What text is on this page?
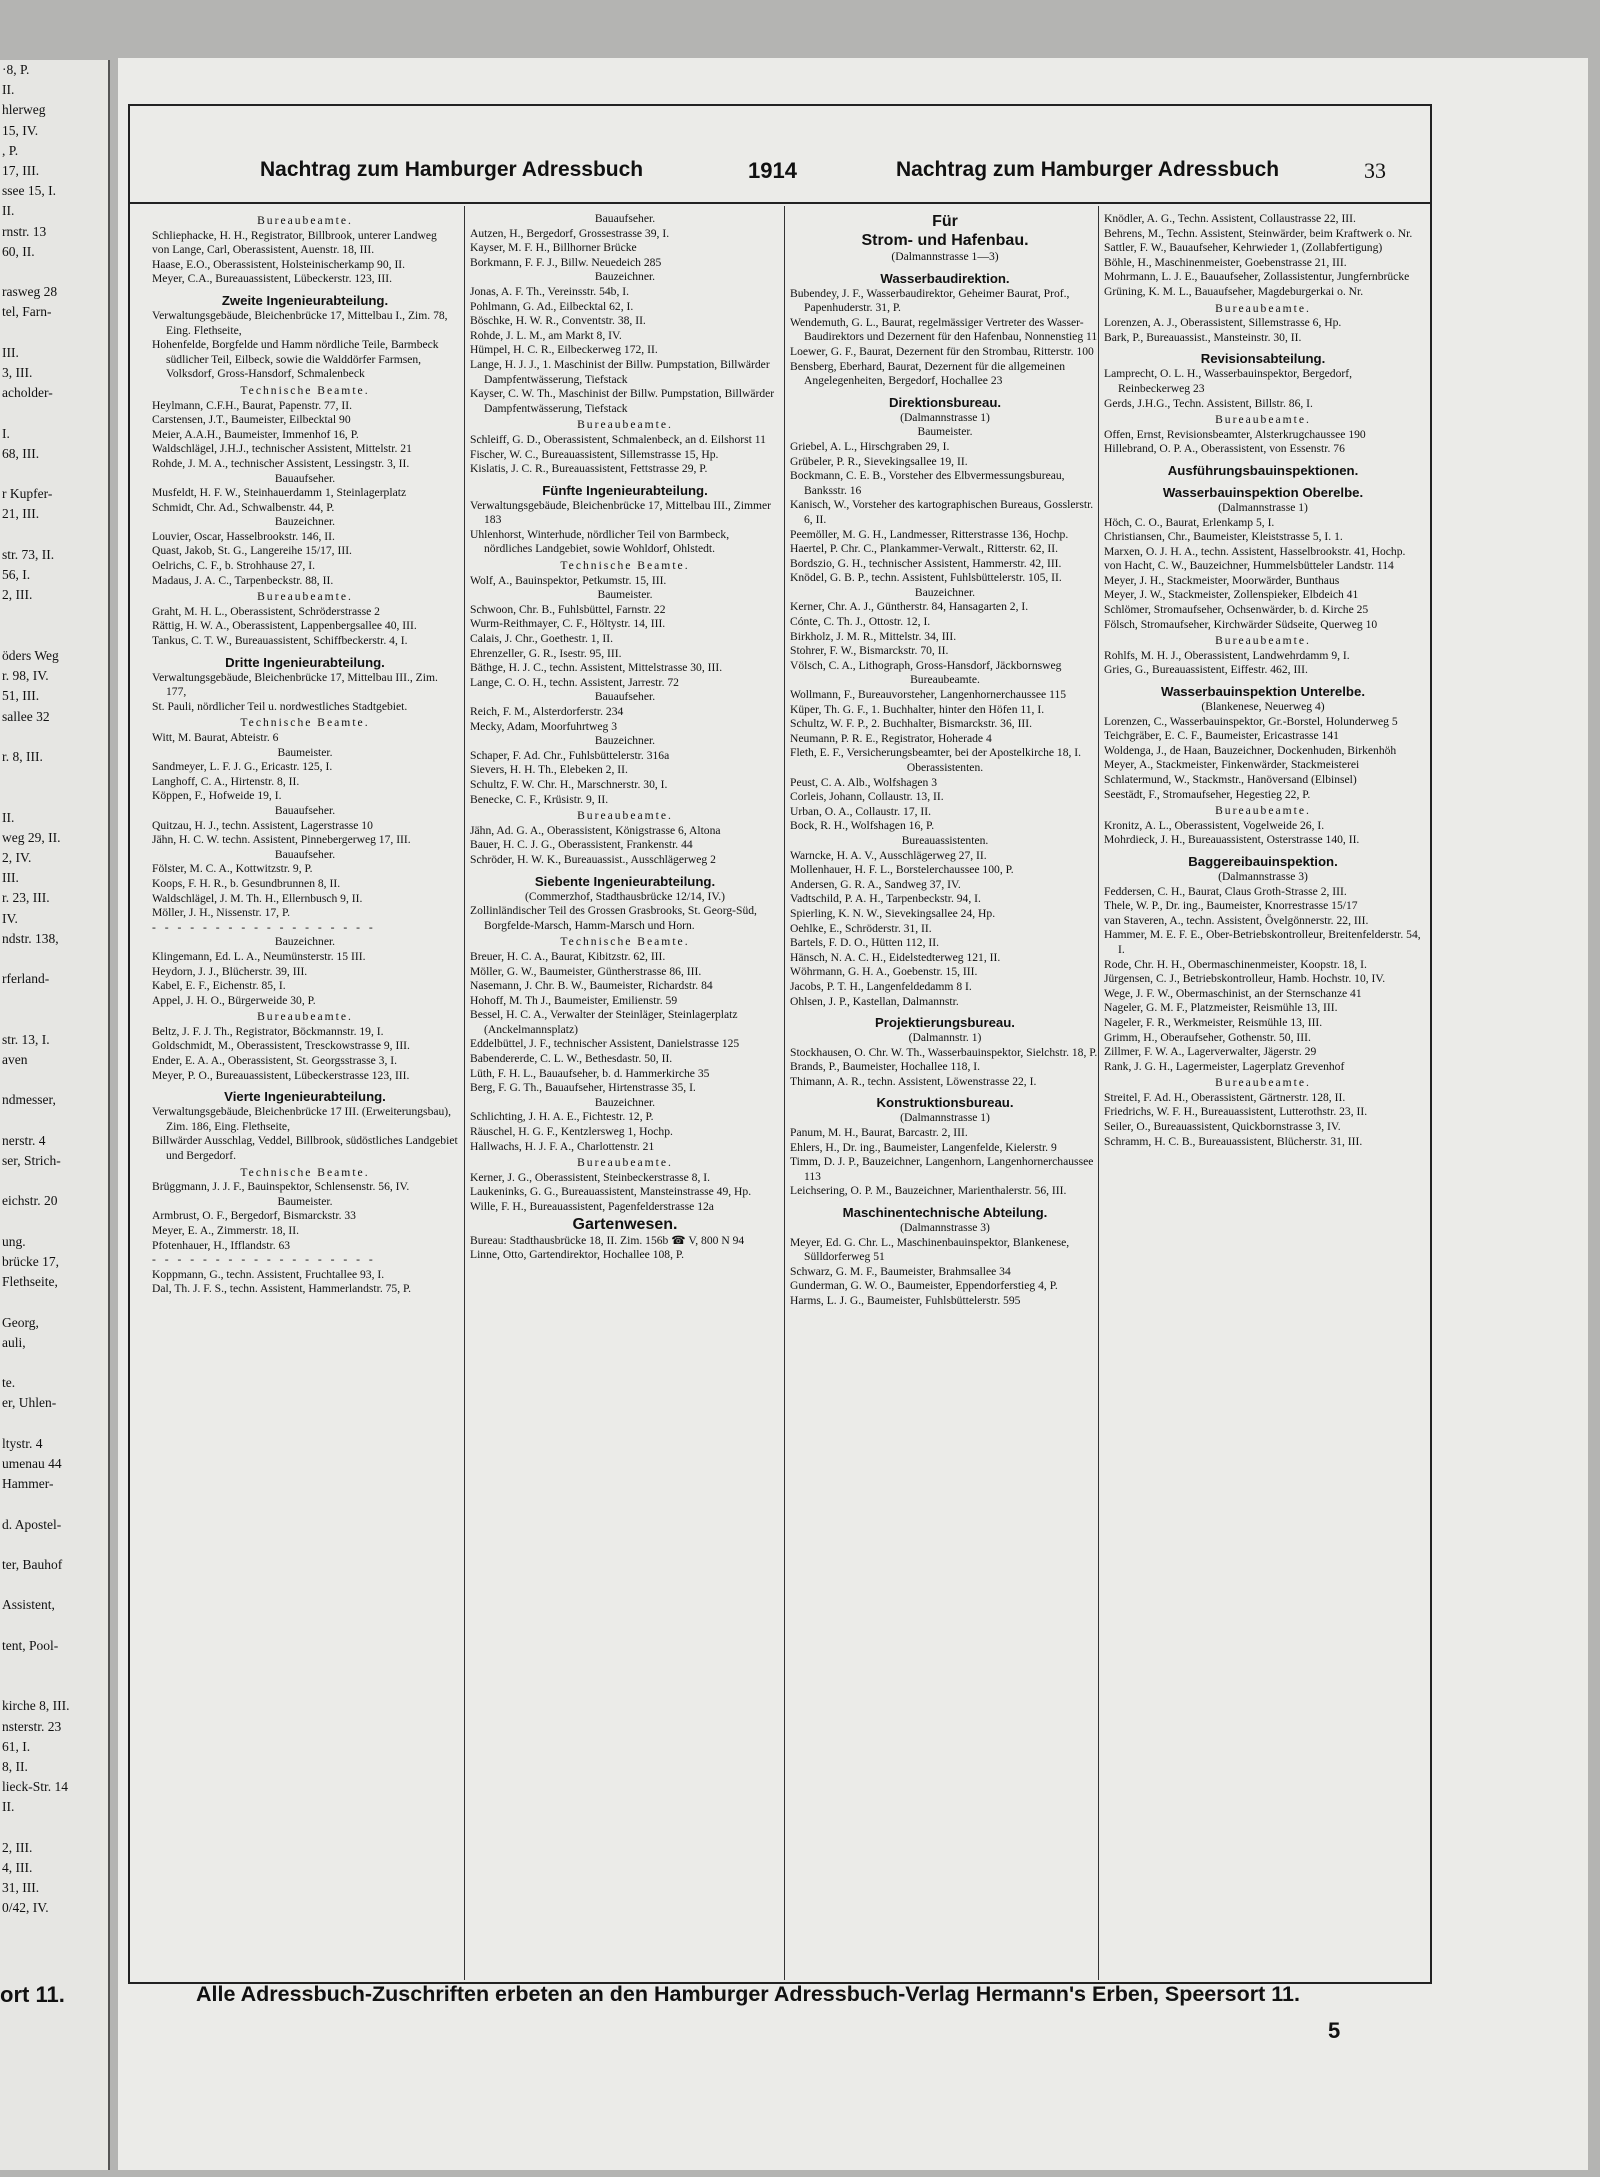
·8, P.
II.
hlerweg
15, IV.
, P.
17, III.
ssee 15, I.
II.
rnstr. 13
60, II.

rasweg 28
tel, Farn-

III.
3, III.
acholder-

I.
68, III.

r Kupfer-
21, III.

str. 73, II.
56, I.
2, III.

öders Weg
r. 98, IV.
51, III.
sallee 32

r. 8, III.

II.
weg 29, II.
2, IV.
III.
r. 23, III.
IV.
ndstr. 138,

rferland-

str. 13, I.
aven

ndmesser,

nerstr. 4
ser, Strich-

eichstr. 20

ung.
brücke 17,
Flethseite,

Georg,
auli,

te.
er, Uhlen-

ltystr. 4
umenau 44
Hammer-

d. Apostel-

ter, Bauhof

Assistent,

tent, Pool-

kirche 8, III.
nsterstr. 23
61, I.
8, II.
lieck-Str. 14
II.

2, III.
4, III.
31, III.
0/42, IV.
ort 11.
Nachtrag zum Hamburger Adressbuch	1914	Nachtrag zum Hamburger Adressbuch	33
Bureaubeamte.
Schliephacke, H. H., Registrator, Billbrook, unterer Landweg
von Lange, Carl, Oberassistent, Auenstr. 18, III.
Haase, E.O., Oberassistent, Holsteinischerkamp 90, II.
Meyer, C.A., Bureauassistent, Lübeckerstr. 123, III.
Zweite Ingenieurabteilung.
Verwaltungsgebäude, Bleichenbrücke 17, Mittelbau I., Zim. 78, Eing. Flethseite,
Hohenfelde, Borgfelde und Hamm nördliche Teile, Barmbeck südlicher Teil, Eilbeck, sowie die Walddörfer Farmsen, Volksdorf, Gross-Hansdorf, Schmalenbeck
Technische Beamte.
Heylmann, C.F.H., Baurat, Papenstr. 77, II.
Carstensen, J.T., Baumeister, Eilbecktal 90
Meier, A.A.H., Baumeister, Immenhof 16, P.
Waldschlägel, J.H.J., technischer Assistent, Mittelstr. 21
Rohde, J. M. A., technischer Assistent, Lessingstr. 3, II.
Bauaufseher.
Musfeldt, H. F. W., Steinhauerdamm 1, Steinlagerplatz
Schmidt, Chr. Ad., Schwalbenstr. 44, P.
Bauzeichner.
Louvier, Oscar, Hasselbrookstr. 146, II.
Quast, Jakob, St. G., Langereihe 15/17, III.
Oelrichs, C. F., b. Strohhause 27, I.
Madaus, J. A. C., Tarpenbeckstr. 88, II.
Bureaubeamte.
Graht, M. H. L., Oberassistent, Schröderstrasse 2
Rättig, H. W. A., Oberassistent, Lappenbergsallee 40, III.
Tankus, C. T. W., Bureauassistent, Schiffbeckerstr. 4, I.
Dritte Ingenieurabteilung.
Verwaltungsgebäude, Bleichenbrücke 17, Mittelbau III., Zim. 177,
St. Pauli, nördlicher Teil u. nordwestliches Stadtgebiet.
Technische Beamte.
Witt, M. Baurat, Abteistr. 6
Baumeister.
Sandmeyer, L. F. J. G., Ericastr. 125, I.
Langhoff, C. A., Hirtenstr. 8, II.
Köppen, F., Hofweide 19, I.
Bauaufseher.
Quitzau, H. J., techn. Assistent, Lagerstrasse 10
Jähn, H. C. W. techn. Assistent, Pinnebergerweg 17, III.
Bauaufseher.
Fölster, M. C. A., Kottwitzstr. 9, P.
Koops, F. H. R., b. Gesundbrunnen 8, II.
Waldschlägel, J. M. Th. H., Ellernbusch 9, II.
Möller, J. H., Nissenstr. 17, P.
- - - - - - - - - - - - - - - - - -
Bauzeichner.
Klingemann, Ed. L. A., Neumünsterstr. 15 III.
Heydorn, J. J., Blücherstr. 39, III.
Kabel, E. F., Eichenstr. 85, I.
Appel, J. H. O., Bürgerweide 30, P.
Bureaubeamte.
Beltz, J. F. J. Th., Registrator, Böckmannstr. 19, I.
Goldschmidt, M., Oberassistent, Tresckowstrasse 9, III.
Ender, E. A. A., Oberassistent, St. Georgsstrasse 3, I.
Meyer, P. O., Bureauassistent, Lübeckerstrasse 123, III.
Vierte Ingenieurabteilung.
Verwaltungsgebäude, Bleichenbrücke 17 III. (Erweiterungsbau), Zim. 186, Eing. Flethseite,
Billwärder Ausschlag, Veddel, Billbrook, südöstliches Landgebiet und Bergedorf.
Technische Beamte.
Brüggmann, J. J. F., Bauinspektor, Schlensenstr. 56, IV.
Baumeister.
Armbrust, O. F., Bergedorf, Bismarckstr. 33
Meyer, E. A., Zimmerstr. 18, II.
Pfotenhauer, H., Ifflandstr. 63
- - - - - - - - - - - - - - - - - -
Koppmann, G., techn. Assistent, Fruchtallee 93, I.
Dal, Th. J. F. S., techn. Assistent, Hammerlandstr. 75, P.
Bauaufseher.
Autzen, H., Bergedorf, Grossestrasse 39, I.
Kayser, M. F. H., Billhorner Brücke
Borkmann, F. F. J., Billw. Neuedeich 285
Bauzeichner.
Jonas, A. F. Th., Vereinsstr. 54b, I.
Pohlmann, G. Ad., Eilbecktal 62, I.
Böschke, H. W. R., Conventstr. 38, II.
Rohde, J. L. M., am Markt 8, IV.
Hümpel, H. C. R., Eilbeckerweg 172, II.
Lange, H. J. J., 1. Maschinist der Billw. Pumpstation, Billwärder Dampfentwässerung, Tiefstack
Kayser, C. W. Th., Maschinist der Billw. Pumpstation, Billwärder Dampfentwässerung, Tiefstack
Bureaubeamte.
Schleiff, G. D., Oberassistent, Schmalenbeck, an d. Eilshorst 11
Fischer, W. C., Bureauassistent, Sillemstrasse 15, Hp.
Kislatis, J. C. R., Bureauassistent, Fettstrasse 29, P.
Fünfte Ingenieurabteilung.
Verwaltungsgebäude, Bleichenbrücke 17, Mittelbau III., Zimmer 183
Uhlenhorst, Winterhude, nördlicher Teil von Barmbeck, nördliches Landgebiet, sowie Wohldorf, Ohlstedt.
Technische Beamte.
Wolf, A., Bauinspektor, Petkumstr. 15, III.
Baumeister.
Schwoon, Chr. B., Fuhlsbüttel, Farnstr. 22
Wurm-Reithmayer, C. F., Höltystr. 14, III.
Calais, J. Chr., Goethestr. 1, II.
Ehrenzeller, G. R., Isestr. 95, III.
Bäthge, H. J. C., techn. Assistent, Mittelstrasse 30, III.
Lange, C. O. H., techn. Assistent, Jarrestr. 72
Bauaufseher.
Reich, F. M., Alsterdorferstr. 234
Mecky, Adam, Moorfuhrtweg 3
Bauzeichner.
Schaper, F. Ad. Chr., Fuhlsbüttelerstr. 316a
Sievers, H. H. Th., Elebeken 2, II.
Schultz, F. W. Chr. H., Marschnerstr. 30, I.
Benecke, C. F., Krüsistr. 9, II.
Bureaubeamte.
Jähn, Ad. G. A., Oberassistent, Königstrasse 6, Altona
Bauer, H. C. J. G., Oberassistent, Frankenstr. 44
Schröder, H. W. K., Bureauassist., Ausschlägerweg 2
Siebente Ingenieurabteilung.
(Commerzhof, Stadthausbrücke 12/14, IV.)
Zollinländischer Teil des Grossen Grasbrooks, St. Georg-Süd, Borgfelde-Marsch, Hamm-Marsch und Horn.
Technische Beamte.
Breuer, H. C. A., Baurat, Kibitzstr. 62, III.
Möller, G. W., Baumeister, Güntherstrasse 86, III.
Nasemann, J. Chr. B. W., Baumeister, Richardstr. 84
Hohoff, M. Th J., Baumeister, Emilienstr. 59
Bessel, H. C. A., Verwalter der Steinläger, Steinlagerplatz (Anckelmannsplatz)
Eddelbüttel, J. F., technischer Assistent, Danielstrasse 125
Babendererde, C. L. W., Bethesdastr. 50, II.
Lüth, F. H. L., Bauaufseher, b. d. Hammerkirche 35
Berg, F. G. Th., Bauaufseher, Hirtenstrasse 35, I.
Bauzeichner.
Schlichting, J. H. A. E., Fichtestr. 12, P.
Räuschel, H. G. F., Kentzlersweg 1, Hochp.
Hallwachs, H. J. F. A., Charlottenstr. 21
Bureaubeamte.
Kerner, J. G., Oberassistent, Steinbeckerstrasse 8, I.
Laukeninks, G. G., Bureauassistent, Mansteinstrasse 49, Hp.
Wille, F. H., Bureauassistent, Pagenfelderstrasse 12a
Gartenwesen.
Bureau: Stadthausbrücke 18, II. Zim. 156b ☎ V, 800 N 94
Linne, Otto, Gartendirektor, Hochallee 108, P.
Für
Strom- und Hafenbau.
(Dalmannstrasse 1—3)
Wasserbaudirektion.
Bubendey, J. F., Wasserbaudirektor, Geheimer Baurat, Prof., Papenhuderstr. 31, P.
Wendemuth, G. L., Baurat, regelmässiger Vertreter des Wasser-Baudirektors und Dezernent für den Hafenbau, Nonnenstieg 11
Loewer, G. F., Baurat, Dezernent für den Strombau, Ritterstr. 100
Bensberg, Eberhard, Baurat, Dezernent für die allgemeinen Angelegenheiten, Bergedorf, Hochallee 23
Direktionsbureau.
(Dalmannstrasse 1)
Baumeister.
Griebel, A. L., Hirschgraben 29, I.
Grübeler, P. R., Sievekingsallee 19, II.
Bockmann, C. E. B., Vorsteher des Elbvermessungsbureau, Banksstr. 16
Kanisch, W., Vorsteher des kartographischen Bureaus, Gosslerstr. 6, II.
Peemöller, M. G. H., Landmesser, Ritterstrasse 136, Hochp.
Haertel, P. Chr. C., Plankammer-Verwalt., Ritterstr. 62, II.
Bordszio, G. H., technischer Assistent, Hammerstr. 42, III.
Knödel, G. B. P., techn. Assistent, Fuhlsbüttelerstr. 105, II.
Bauzeichner.
Kerner, Chr. A. J., Güntherstr. 84, Hansagarten 2, I.
Cónte, C. Th. J., Ottostr. 12, I.
Birkholz, J. M. R., Mittelstr. 34, III.
Stohrer, F. W., Bismarckstr. 70, II.
Völsch, C. A., Lithograph, Gross-Hansdorf, Jäckbornsweg
Bureaubeamte.
Wollmann, F., Bureauvorsteher, Langenhornerchaussee 115
Küper, Th. G. F., 1. Buchhalter, hinter den Höfen 11, I.
Schultz, W. F. P., 2. Buchhalter, Bismarckstr. 36, III.
Neumann, P. R. E., Registrator, Hoherade 4
Fleth, E. F., Versicherungsbeamter, bei der Apostelkirche 18, I.
Oberassistenten.
Peust, C. A. Alb., Wolfshagen 3
Corleis, Johann, Collaustr. 13, II.
Urban, O. A., Collaustr. 17, II.
Bock, R. H., Wolfshagen 16, P.
Bureauassistenten.
Warncke, H. A. V., Ausschlägerweg 27, II.
Mollenhauer, H. F. L., Borstelerchaussee 100, P.
Andersen, G. R. A., Sandweg 37, IV.
Vadtschild, P. A. H., Tarpenbeckstr. 94, I.
Spierling, K. N. W., Sievekingsallee 24, Hp.
Oehlke, E., Schröderstr. 31, II.
Bartels, F. D. O., Hütten 112, II.
Hänsch, N. A. C. H., Eidelstedterweg 121, II.
Wöhrmann, G. H. A., Goebenstr. 15, III.
Jacobs, P. T. H., Langenfeldedamm 8 I.
Ohlsen, J. P., Kastellan, Dalmannstr.
Projektierungsbureau.
(Dalmannstr. 1)
Stockhausen, O. Chr. W. Th., Wasserbauinspektor, Sielchstr. 18, P.
Brands, P., Baumeister, Hochallee 118, I.
Thimann, A. R., techn. Assistent, Löwenstrasse 22, I.
Konstruktionsbureau.
(Dalmannstrasse 1)
Panum, M. H., Baurat, Barcastr. 2, III.
Ehlers, H., Dr. ing., Baumeister, Langenfelde, Kielerstr. 9
Timm, D. J. P., Bauzeichner, Langenhorn, Langenhornerchaussee 113
Leichsering, O. P. M., Bauzeichner, Marienthalerstr. 56, III.
Maschinentechnische Abteilung.
(Dalmannstrasse 3)
Meyer, Ed. G. Chr. L., Maschinenbauinspektor, Blankenese, Sülldorferweg 51
Schwarz, G. M. F., Baumeister, Brahmsallee 34
Gunderman, G. W. O., Baumeister, Eppendorferstieg 4, P.
Harms, L. J. G., Baumeister, Fuhlsbüttelerstr. 595
Knödler, A. G., Techn. Assistent, Collaustrasse 22, III.
Behrens, M., Techn. Assistent, Steinwärder, beim Kraftwerk o. Nr.
Sattler, F. W., Bauaufseher, Kehrwieder 1, (Zollabfertigung)
Böhle, H., Maschinenmeister, Goebenstrasse 21, III.
Mohrmann, L. J. E., Bauaufseher, Zollassistentur, Jungfernbrücke
Grüning, K. M. L., Bauaufseher, Magdeburgerkai o. Nr.
Bureaubeamte.
Lorenzen, A. J., Oberassistent, Sillemstrasse 6, Hp.
Bark, P., Bureauassist., Mansteinstr. 30, II.
Revisionsabteilung.
Lamprecht, O. L. H., Wasserbauinspektor, Bergedorf, Reinbeckerweg 23
Gerds, J.H.G., Techn. Assistent, Billstr. 86, I.
Bureaubeamte.
Offen, Ernst, Revisionsbeamter, Alsterkrugchaussee 190
Hillebrand, O. P. A., Oberassistent, von Essenstr. 76
Ausführungsbauinspektionen.
Wasserbauinspektion Oberelbe.
(Dalmannstrasse 1)
Höch, C. O., Baurat, Erlenkamp 5, I.
Christiansen, Chr., Baumeister, Kleiststrasse 5, I. 1.
Marxen, O. J. H. A., techn. Assistent, Hasselbrookstr. 41, Hochp.
von Hacht, C. W., Bauzeichner, Hummelsbütteler Landstr. 114
Meyer, J. H., Stackmeister, Moorwärder, Bunthaus
Meyer, J. W., Stackmeister, Zollenspieker, Elbdeich 41
Schlömer, Stromaufseher, Ochsenwärder, b. d. Kirche 25
Fölsch, Stromaufseher, Kirchwärder Südseite, Querweg 10
Bureaubeamte.
Rohlfs, M. H. J., Oberassistent, Landwehrdamm 9, I.
Gries, G., Bureauassistent, Eiffestr. 462, III.
Wasserbauinspektion Unterelbe.
(Blankenese, Neuerweg 4)
Lorenzen, C., Wasserbauinspektor, Gr.-Borstel, Holunderweg 5
Teichgräber, E. C. F., Baumeister, Ericastrasse 141
Woldenga, J., de Haan, Bauzeichner, Dockenhuden, Birkenhöh
Meyer, A., Stackmeister, Finkenwärder, Stackmeisterei
Schlatermund, W., Stackmstr., Hanöversand (Elbinsel)
Seestädt, F., Stromaufseher, Hegestieg 22, P.
Bureaubeamte.
Kronitz, A. L., Oberassistent, Vogelweide 26, I.
Mohrdieck, J. H., Bureauassistent, Osterstrasse 140, II.
Baggereibauinspektion.
(Dalmannstrasse 3)
Feddersen, C. H., Baurat, Claus Groth-Strasse 2, III.
Thele, W. P., Dr. ing., Baumeister, Knorrestrasse 15/17
van Staveren, A., techn. Assistent, Övelgönnerstr. 22, III.
Hammer, M. E. F. E., Ober-Betriebskontrolleur, Breitenfelderstr. 54, I.
Rode, Chr. H. H., Obermaschinenmeister, Koopstr. 18, I.
Jürgensen, C. J., Betriebskontrolleur, Hamb. Hochstr. 10, IV.
Wege, J. F. W., Obermaschinist, an der Sternschanze 41
Nageler, G. M. F., Platzmeister, Reismühle 13, III.
Nageler, F. R., Werkmeister, Reismühle 13, III.
Grimm, H., Oberaufseher, Gothenstr. 50, III.
Zillmer, F. W. A., Lagerverwalter, Jägerstr. 29
Rank, J. G. H., Lagermeister, Lagerplatz Grevenhof
Bureaubeamte.
Streitel, F. Ad. H., Oberassistent, Gärtnerstr. 128, II.
Friedrichs, W. F. H., Bureauassistent, Lutterothstr. 23, II.
Seiler, O., Bureauassistent, Quickbornstrasse 3, IV.
Schramm, H. C. B., Bureauassistent, Blücherstr. 31, III.
Alle Adressbuch-Zuschriften erbeten an den Hamburger Adressbuch-Verlag Hermann's Erben, Speersort 11.
5
